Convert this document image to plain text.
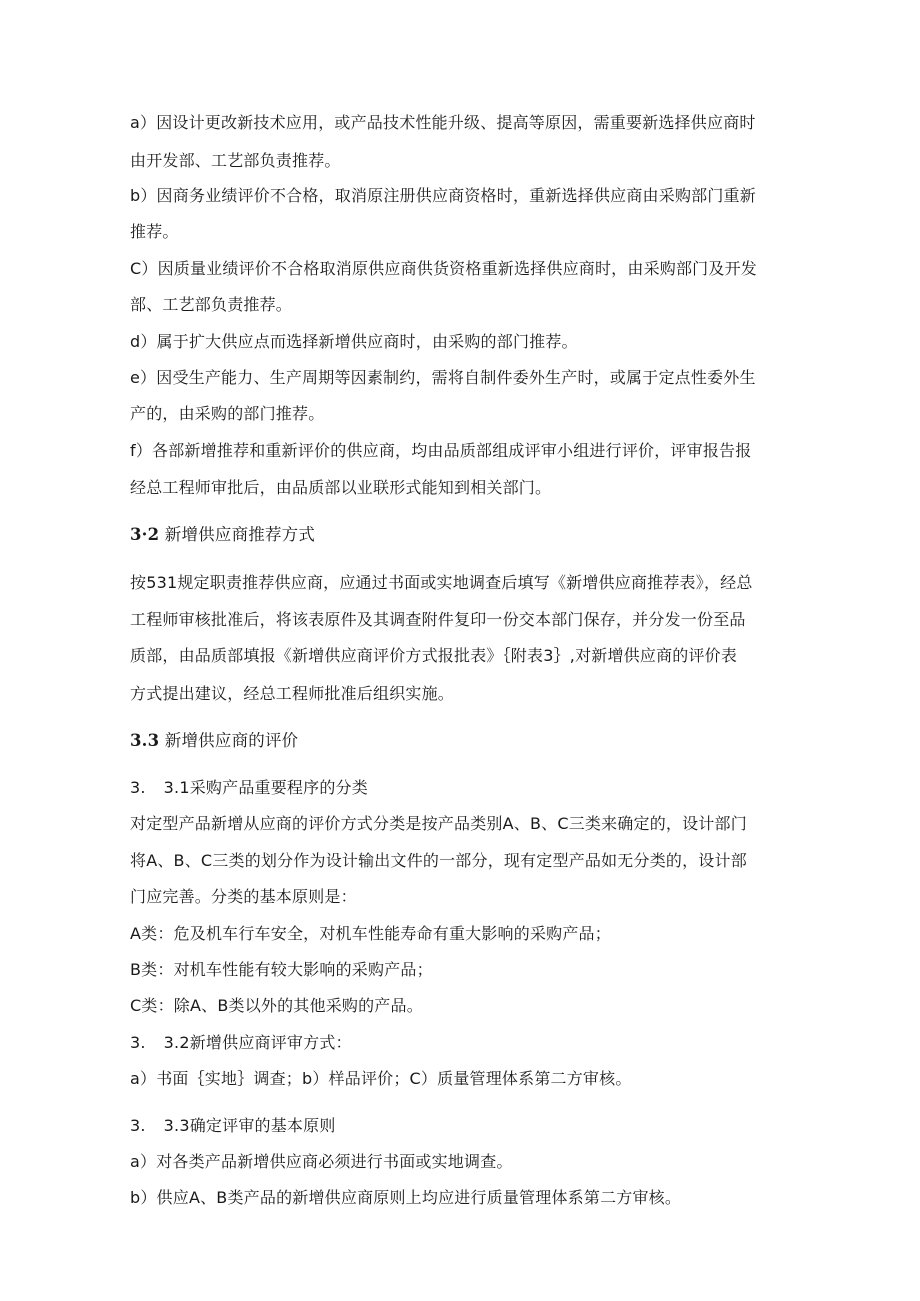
a）因设计更改新技术应用，或产品技术性能升级、提高等原因，需重要新选择供应商时
由开发部、工艺部负责推荐。
b）因商务业绩评价不合格，取消原注册供应商资格时，重新选择供应商由采购部门重新
推荐。
C）因质量业绩评价不合格取消原供应商供货资格重新选择供应商时，由采购部门及开发
部、工艺部负责推荐。
d）属于扩大供应点而选择新增供应商时，由采购的部门推荐。
e）因受生产能力、生产周期等因素制约，需将自制件委外生产时，或属于定点性委外生
产的，由采购的部门推荐。
f）各部新增推荐和重新评价的供应商，均由品质部组成评审小组进行评价，评审报告报
经总工程师审批后，由品质部以业联形式能知到相关部门。
3·2 新增供应商推荐方式
按531规定职责推荐供应商，应通过书面或实地调查后填写《新增供应商推荐表》，经总
工程师审核批准后，将该表原件及其调查附件复印一份交本部门保存，并分发一份至品
质部，由品质部填报《新增供应商评价方式报批表》｛附表3｝,对新增供应商的评价表
方式提出建议，经总工程师批准后组织实施。
3.3 新增供应商的评价
3. 3.1采购产品重要程序的分类
对定型产品新增从应商的评价方式分类是按产品类别A、B、C三类来确定的，设计部门
将A、B、C三类的划分作为设计输出文件的一部分，现有定型产品如无分类的，设计部
门应完善。分类的基本原则是：
A类：危及机车行车安全，对机车性能寿命有重大影响的采购产品；
B类：对机车性能有较大影响的采购产品；
C类：除A、B类以外的其他采购的产品。
3. 3.2新增供应商评审方式：
a）书面｛实地｝调查；b）样品评价；C）质量管理体系第二方审核。
3. 3.3确定评审的基本原则
a）对各类产品新增供应商必须进行书面或实地调查。
b）供应A、B类产品的新增供应商原则上均应进行质量管理体系第二方审核。
